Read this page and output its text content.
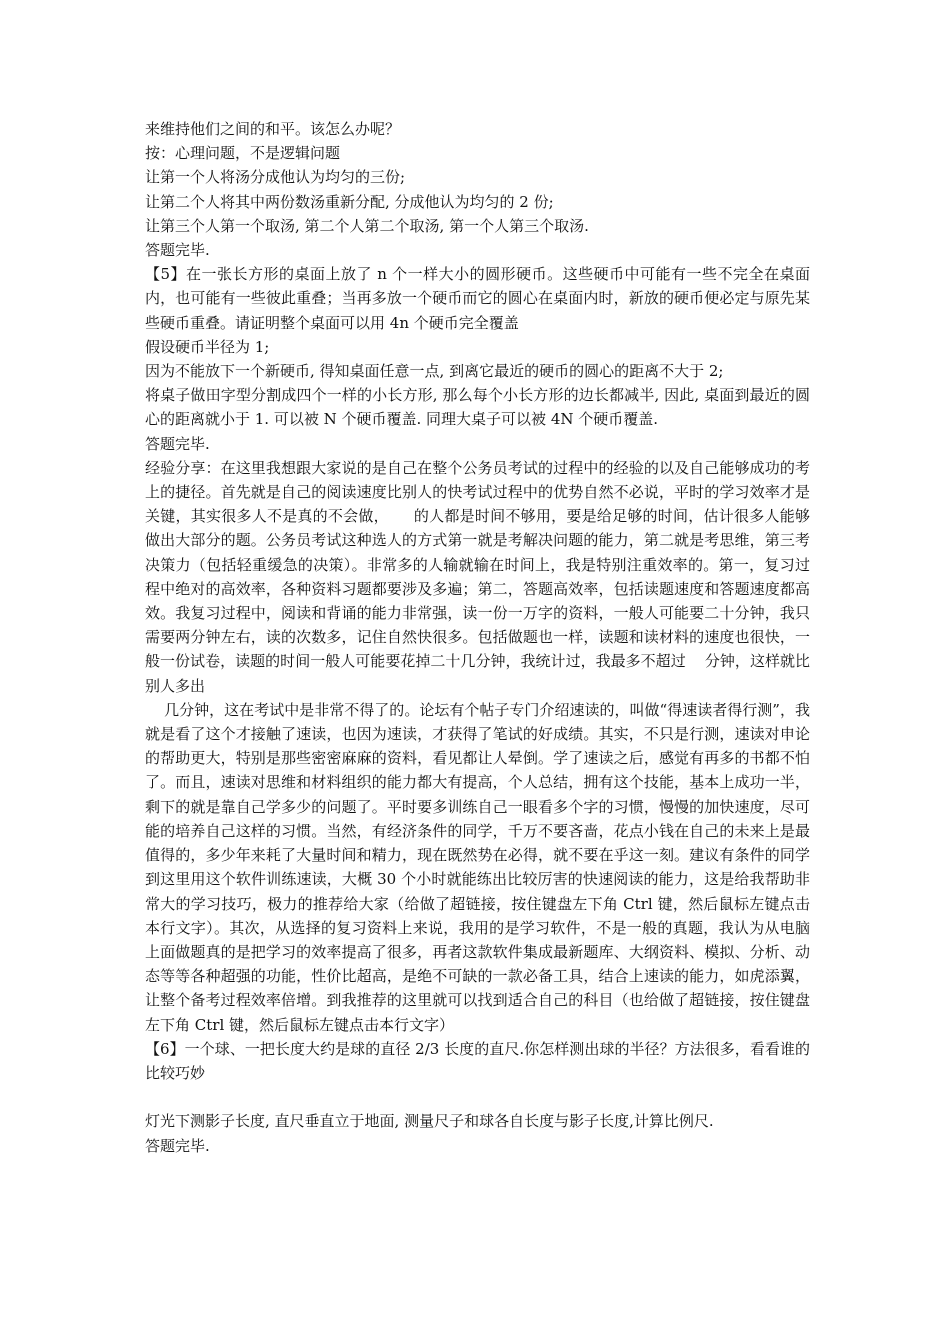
来维持他们之间的和平。该怎么办呢？

按：心理问题，不是逻辑问题

让第一个人将汤分成他认为均匀的三份;

让第二个人将其中两份数汤重新分配, 分成他认为均匀的 2 份;

让第三个人第一个取汤, 第二个人第二个取汤, 第一个人第三个取汤.

答题完毕.

【5】在一张长方形的桌面上放了 n 个一样大小的圆形硬币。这些硬币中可能有一些不完全在桌面内，也可能有一些彼此重叠；当再多放一个硬币而它的圆心在桌面内时，新放的硬币便必定与原先某些硬币重叠。请证明整个桌面可以用 4n 个硬币完全覆盖

假设硬币半径为 1;

因为不能放下一个新硬币, 得知桌面任意一点, 到离它最近的硬币的圆心的距离不大于 2;

将桌子做田字型分割成四个一样的小长方形, 那么每个小长方形的边长都减半, 因此, 桌面到最近的圆心的距离就小于 1. 可以被 N 个硬币覆盖. 同理大桌子可以被 4N 个硬币覆盖.

答题完毕.

经验分享：在这里我想跟大家说的是自己在整个公务员考试的过程中的经验的以及自己能够成功的考上的捷径。首先就是自己的阅读速度比别人的快考试过程中的优势自然不必说，平时的学习效率才是关键，其实很多人不是真的不会做，     的人都是时间不够用，要是给足够的时间，估计很多人能够做出大部分的题。公务员考试这种选人的方式第一就是考解决问题的能力，第二就是考思维，第三考决策力（包括轻重缓急的决策）。非常多的人输就输在时间上，我是特别注重效率的。第一，复习过程中绝对的高效率，各种资料习题都要涉及多遍；第二，答题高效率，包括读题速度和答题速度都高效。我复习过程中，阅读和背诵的能力非常强，读一份一万字的资料，一般人可能要二十分钟，我只需要两分钟左右，读的次数多，记住自然快很多。包括做题也一样，读题和读材料的速度也很快，一般一份试卷，读题的时间一般人可能要花掉二十几分钟，我统计过，我最多不超过    分钟，这样就比别人多出

几分钟，这在考试中是非常不得了的。论坛有个帖子专门介绍速读的，叫做“得速读者得行测”，我就是看了这个才接触了速读，也因为速读，才获得了笔试的好成绩。其实，不只是行测，速读对申论的帮助更大，特别是那些密密麻麻的资料，看见都让人晕倒。学了速读之后，感觉有再多的书都不怕了。而且，速读对思维和材料组织的能力都大有提高，个人总结，拥有这个技能，基本上成功一半，剩下的就是靠自己学多少的问题了。平时要多训练自己一眼看多个字的习惯，慢慢的加快速度，尽可能的培养自己这样的习惯。当然，有经济条件的同学，千万不要吝啬，花点小钱在自己的未来上是最值得的，多少年来耗了大量时间和精力，现在既然势在必得，就不要在乎这一刻。建议有条件的同学到这里用这个软件训练速读，大概 30 个小时就能练出比较厉害的快速阅读的能力，这是给我帮助非常大的学习技巧，极力的推荐给大家（给做了超链接，按住键盘左下角 Ctrl 键，然后鼠标左键点击本行文字）。其次，从选择的复习资料上来说，我用的是学习软件，不是一般的真题，我认为从电脑上面做题真的是把学习的效率提高了很多，再者这款软件集成最新题库、大纲资料、模拟、分析、动态等等各种超强的功能，性价比超高，是绝不可缺的一款必备工具，结合上速读的能力，如虎添翼，让整个备考过程效率倍增。到我推荐的这里就可以找到适合自己的科目（也给做了超链接，按住键盘左下角 Ctrl 键，然后鼠标左键点击本行文字）

【6】一个球、一把长度大约是球的直径 2/3 长度的直尺.你怎样测出球的半径？方法很多，看看谁的比较巧妙

灯光下测影子长度, 直尺垂直立于地面, 测量尺子和球各自长度与影子长度,计算比例尺.

答题完毕.
